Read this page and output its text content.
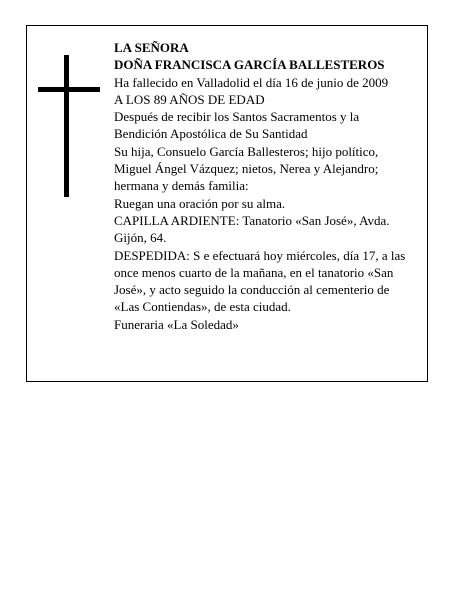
LA SEÑORA
DOÑA FRANCISCA GARCÍA BALLESTEROS
Ha fallecido en Valladolid el día 16 de junio de 2009
A LOS 89 AÑOS DE EDAD
Después de recibir los Santos Sacramentos y la
Bendición Apostólica de Su Santidad
Su hija, Consuelo García Ballesteros; hijo político,
Miguel Ángel Vázquez; nietos, Nerea y Alejandro;
hermana y demás familia:
Ruegan una oración por su alma.
CAPILLA ARDIENTE: Tanatorio «San José», Avda.
Gijón, 64.
DESPEDIDA: S e efectuará hoy miércoles, día 17, a las
once menos cuarto de la mañana, en el tanatorio «San
José», y acto seguido la conducción al cementerio de
«Las Contiendas», de esta ciudad.
Funeraria «La Soledad»
